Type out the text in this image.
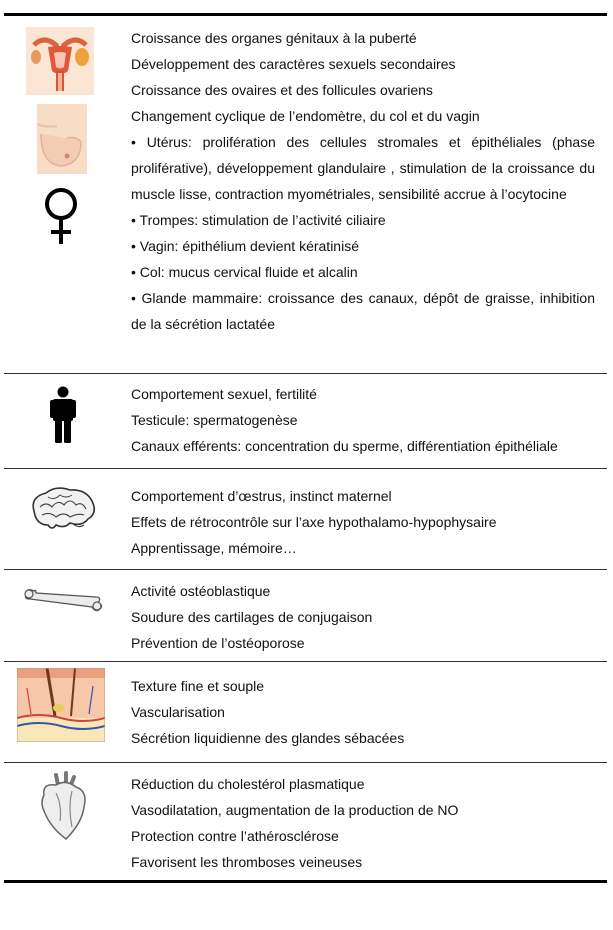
Croissance des organes génitaux à la puberté

Développement des caractères sexuels secondaires

Croissance des ovaires et des follicules ovariens

Changement cyclique de l’endomètre, du col et du vagin

• Utérus: prolifération des cellules stromales et épithéliales (phase proliférative), développement glandulaire , stimulation de la croissance du muscle lisse, contraction myométriales, sensibilité accrue à l’ocytocine

• Trompes: stimulation de l’activité ciliaire

• Vagin: épithélium devient kératinisé

• Col: mucus cervical fluide et alcalin

• Glande mammaire: croissance des canaux, dépôt de graisse, inhibition de la sécrétion lactatée

Comportement sexuel, fertilité

Testicule: spermatogenèse

Canaux efférents: concentration du sperme, différentiation épithéliale

Comportement d’œstrus, instinct maternel

Effets de rétrocontrôle sur l’axe hypothalamo-hypophysaire

Apprentissage, mémoire…

Activité ostéoblastique

Soudure des cartilages de conjugaison

Prévention de l’ostéoporose

Texture fine et souple

Vascularisation

Sécrétion liquidienne des glandes sébacées

Réduction du cholestérol plasmatique

Vasodilatation, augmentation de la production de NO

Protection contre l’athérosclérose

Favorisent les thromboses veineuses
